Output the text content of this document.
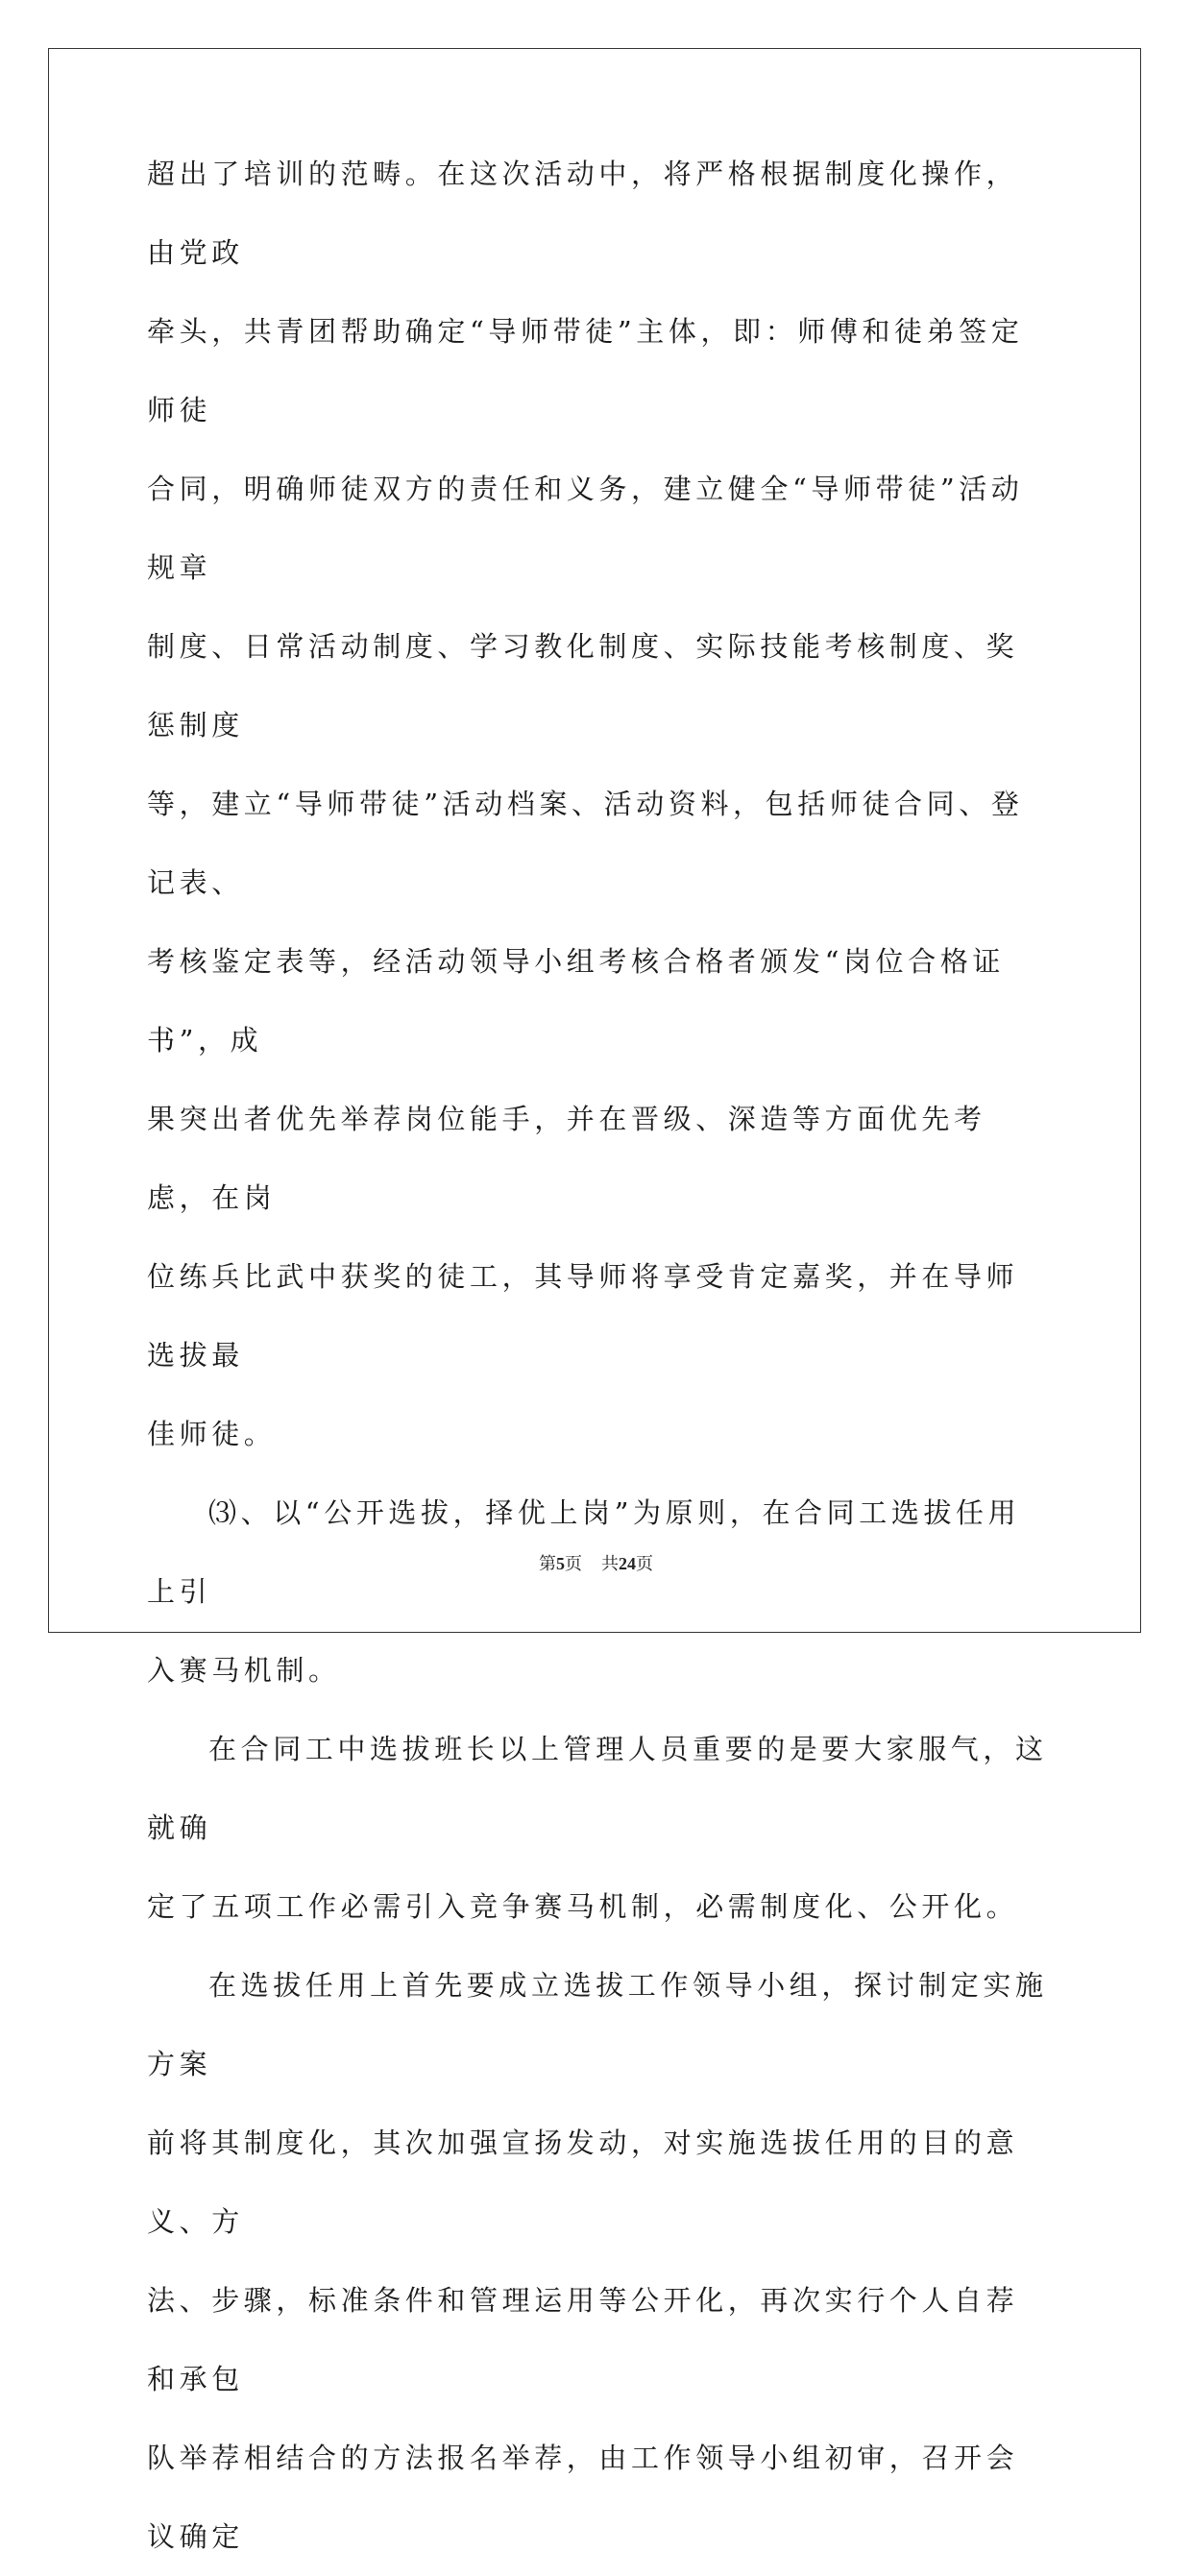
超出了培训的范畴。在这次活动中，将严格根据制度化操作，由党政
牵头，共青团帮助确定“导师带徒”主体，即：师傅和徒弟签定师徒
合同，明确师徒双方的责任和义务，建立健全“导师带徒”活动规章
制度、日常活动制度、学习教化制度、实际技能考核制度、奖惩制度
等，建立“导师带徒”活动档案、活动资料，包括师徒合同、登记表、
考核鉴定表等，经活动领导小组考核合格者颁发“岗位合格证书”，成
果突出者优先举荐岗位能手，并在晋级、深造等方面优先考虑，在岗
位练兵比武中获奖的徒工，其导师将享受肯定嘉奖，并在导师选拔最
佳师徒。
⑶、以“公开选拔，择优上岗”为原则，在合同工选拔任用上引
入赛马机制。
在合同工中选拔班长以上管理人员重要的是要大家服气，这就确
定了五项工作必需引入竞争赛马机制，必需制度化、公开化。
在选拔任用上首先要成立选拔工作领导小组，探讨制定实施方案
前将其制度化，其次加强宣扬发动，对实施选拔任用的目的意义、方
法、步骤，标准条件和管理运用等公开化，再次实行个人自荐和承包
队举荐相结合的方法报名举荐，由工作领导小组初审，召开会议确定
第5页 共24页
